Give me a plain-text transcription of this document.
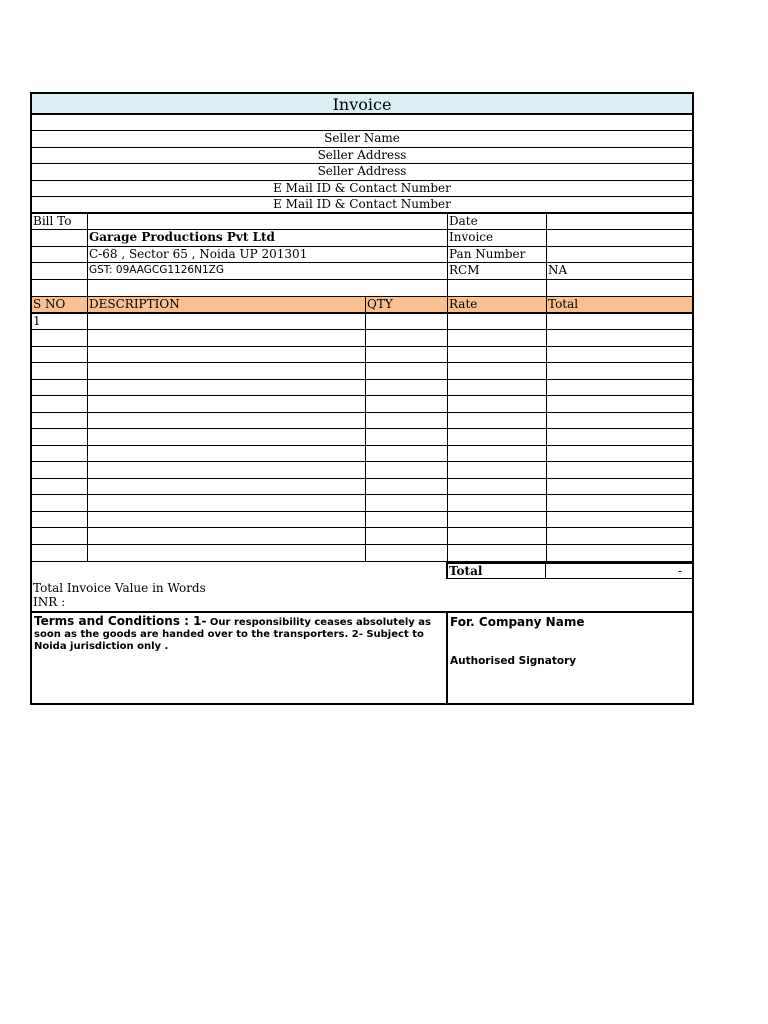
Invoice
Seller Name
Seller Address
Seller Address
E Mail ID & Contact Number
E Mail ID & Contact Number
Bill To	Date
Garage Productions Pvt Ltd	Invoice
C-68 , Sector 65 , Noida UP 201301	Pan Number
GST: 09AAGCG1126N1ZG	RCM	NA
S NO	DESCRIPTION	QTY	Rate	Total
1
Total	-
Total Invoice Value in Words
INR :
Terms and Conditions : 1- Our responsibility ceases absolutely as soon as the goods are handed over to the transporters. 2- Subject to Noida jurisdiction only .
For. Company Name
Authorised Signatory
